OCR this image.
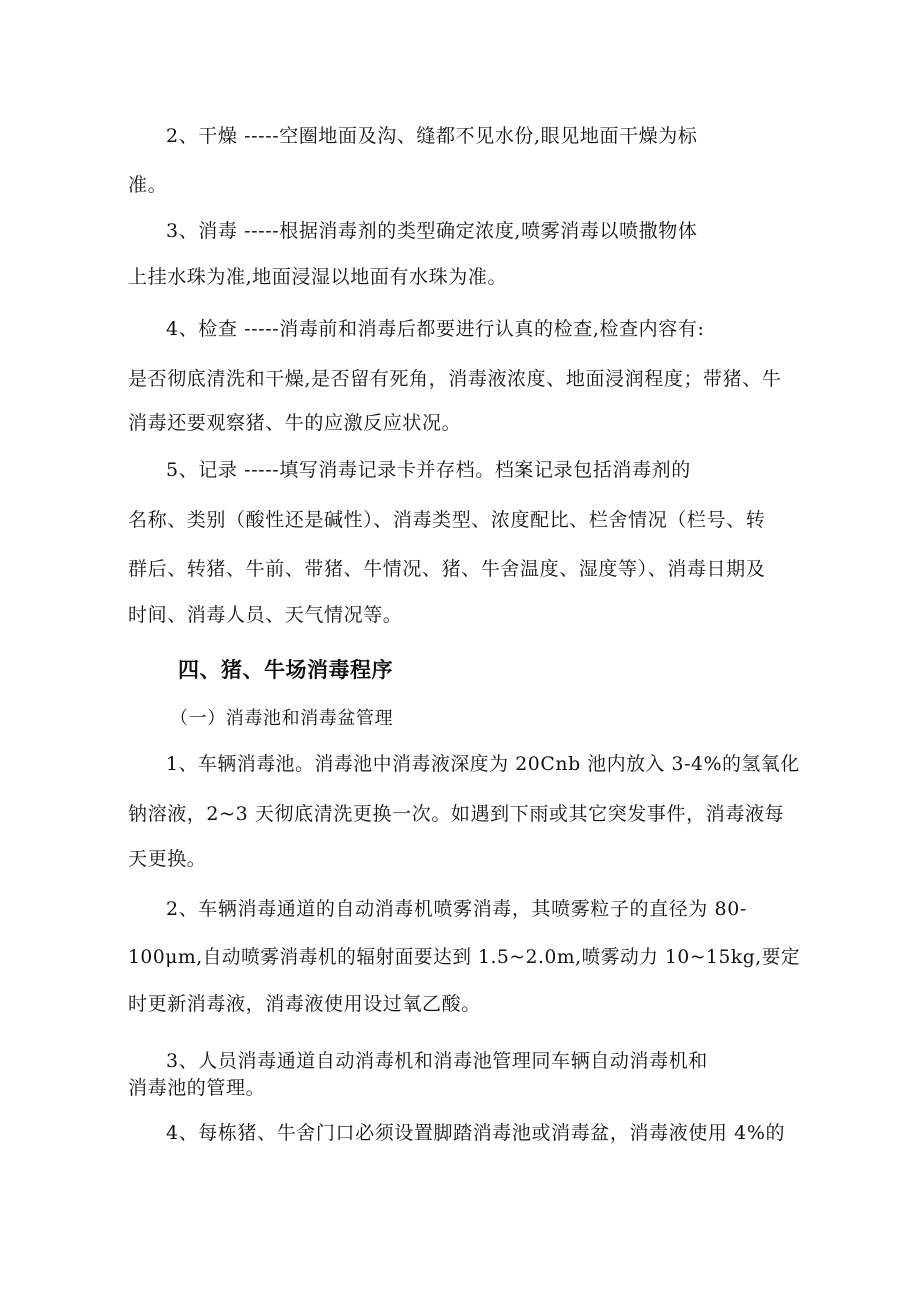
2、干燥 -----空圈地面及沟、缝都不见水份,眼见地面干燥为标
准。
3、消毒 -----根据消毒剂的类型确定浓度,喷雾消毒以喷撒物体
上挂水珠为准,地面浸湿以地面有水珠为准。
4、检查 -----消毒前和消毒后都要进行认真的检查,检查内容有:
是否彻底清洗和干燥,是否留有死角，消毒液浓度、地面浸润程度；带猪、牛
消毒还要观察猪、牛的应激反应状况。
5、记录 -----填写消毒记录卡并存档。档案记录包括消毒剂的
名称、类别（酸性还是碱性）、消毒类型、浓度配比、栏舍情况（栏号、转
群后、转猪、牛前、带猪、牛情况、猪、牛舍温度、湿度等）、消毒日期及
时间、消毒人员、天气情况等。
四、猪、牛场消毒程序
（一）消毒池和消毒盆管理
1、车辆消毒池。消毒池中消毒液深度为 20Cnb 池内放入 3-4%的氢氧化
钠溶液，2~3 天彻底清洗更换一次。如遇到下雨或其它突发事件，消毒液每
天更换。
2、车辆消毒通道的自动消毒机喷雾消毒，其喷雾粒子的直径为 80-
100μm,自动喷雾消毒机的辐射面要达到 1.5~2.0m,喷雾动力 10~15kg,要定
时更新消毒液，消毒液使用设过氧乙酸。
3、人员消毒通道自动消毒机和消毒池管理同车辆自动消毒机和
消毒池的管理。
4、每栋猪、牛舍门口必须设置脚踏消毒池或消毒盆，消毒液使用 4%的
